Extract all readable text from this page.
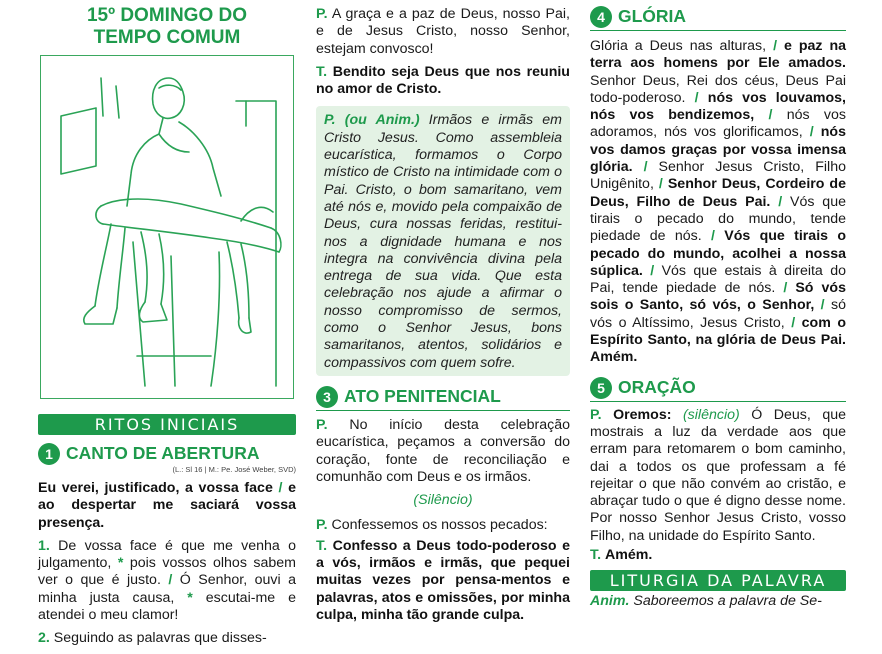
15º DOMINGO DO
TEMPO COMUM
RITOS INICIAIS
1 CANTO DE ABERTURA
(L.: Sl 16 | M.: Pe. José Weber, SVD)

Eu verei, justificado, a vossa face / e ao despertar me saciará vossa presença.

1. De vossa face é que me venha o julgamento, * pois vossos olhos sabem ver o que é justo. / Ó Senhor, ouvi a minha justa causa, * escutai-me e atendei o meu clamor!

2. Seguindo as palavras que disses-

P. A graça e a paz de Deus, nosso Pai, e de Jesus Cristo, nosso Senhor, estejam convosco!

T. Bendito seja Deus que nos reuniu no amor de Cristo.

P. (ou Anim.) Irmãos e irmãs em Cristo Jesus. Como assembleia eucarística, formamos o Corpo místico de Cristo na intimidade com o Pai. Cristo, o bom samaritano, vem até nós e, movido pela compaixão de Deus, cura nossas feridas, restitui-nos a dignidade humana e nos integra na convivência divina pela entrega de sua vida. Que esta celebração nos ajude a afirmar o nosso compromisso de sermos, como o Senhor Jesus, bons samaritanos, atentos, solidários e compassivos com quem sofre.
3 ATO PENITENCIAL

P. No início desta celebração eucarística, peçamos a conversão do coração, fonte de reconciliação e comunhão com Deus e os irmãos.

(Silêncio)

P. Confessemos os nossos pecados:

T. Confesso a Deus todo-poderoso e a vós, irmãos e irmãs, que pequei muitas vezes por pensa-mentos e palavras, atos e omissões, por minha culpa, minha tão grande culpa.

4 GLÓRIA

Glória a Deus nas alturas, / e paz na terra aos homens por Ele amados. Senhor Deus, Rei dos céus, Deus Pai todo-poderoso. / nós vos louvamos, nós vos bendizemos, / nós vos adoramos, nós vos glorificamos, / nós vos damos graças por vossa imensa glória. / Senhor Jesus Cristo, Filho Unigênito, / Senhor Deus, Cordeiro de Deus, Filho de Deus Pai. / Vós que tirais o pecado do mundo, tende piedade de nós. / Vós que tirais o pecado do mundo, acolhei a nossa súplica. / Vós que estais à direita do Pai, tende piedade de nós. / Só vós sois o Santo, só vós, o Senhor, / só vós o Altíssimo, Jesus Cristo, / com o Espírito Santo, na glória de Deus Pai. Amém.

5 ORAÇÃO

P. Oremos: (silêncio) Ó Deus, que mostrais a luz da verdade aos que erram para retomarem o bom caminho, dai a todos os que professam a fé rejeitar o que não convém ao cristão, e abraçar tudo o que é digno desse nome. Por nosso Senhor Jesus Cristo, vosso Filho, na unidade do Espírito Santo.

T. Amém.

LITURGIA DA PALAVRA

Anim. Saboreemos a palavra de Se-
